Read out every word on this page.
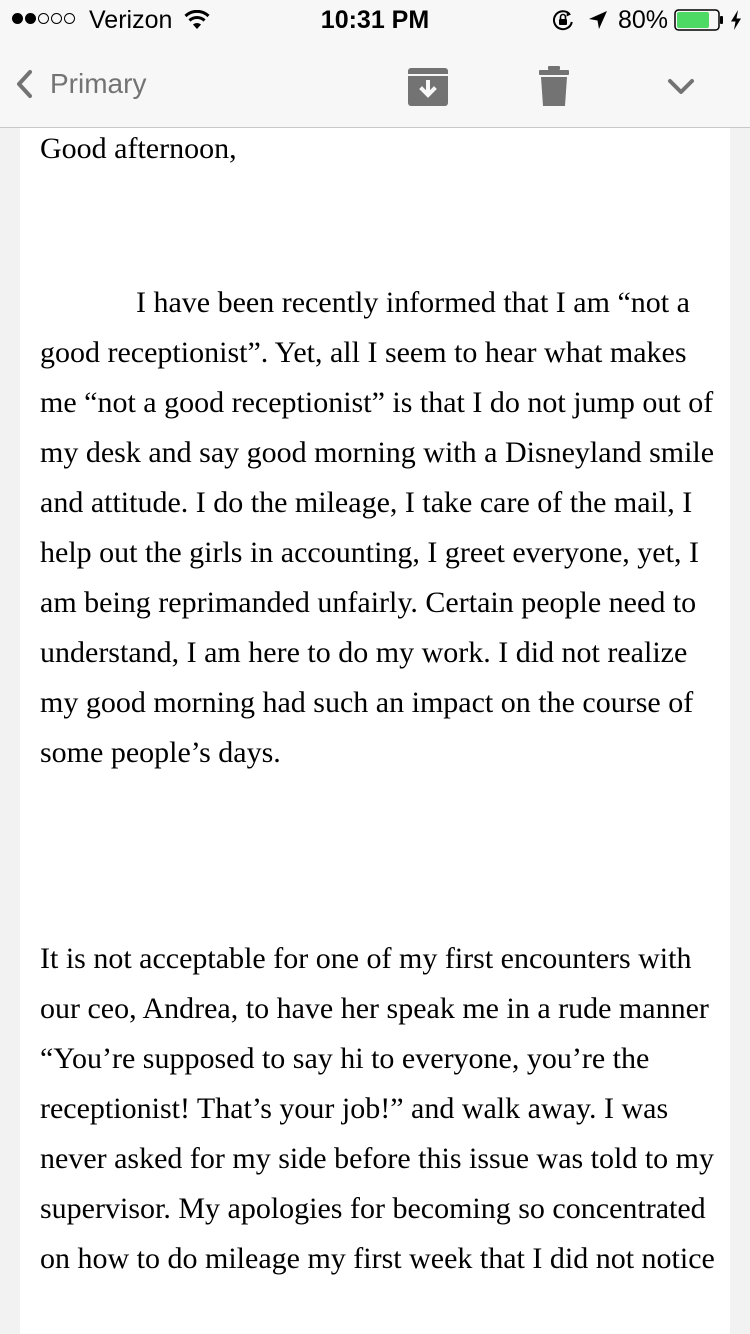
Verizon	10:31 PM	80%
Primary

Good afternoon,

I have been recently informed that I am “not a good receptionist”. Yet, all I seem to hear what makes me “not a good receptionist” is that I do not jump out of my desk and say good morning with a Disneyland smile and attitude. I do the mileage, I take care of the mail, I help out the girls in accounting, I greet everyone, yet, I am being reprimanded unfairly. Certain people need to understand, I am here to do my work. I did not realize my good morning had such an impact on the course of some people’s days.

It is not acceptable for one of my first encounters with our ceo, Andrea, to have her speak me in a rude manner “You’re supposed to say hi to everyone, you’re the receptionist! That’s your job!” and walk away. I was never asked for my side before this issue was told to my supervisor. My apologies for becoming so concentrated on how to do mileage my first week that I did not notice
